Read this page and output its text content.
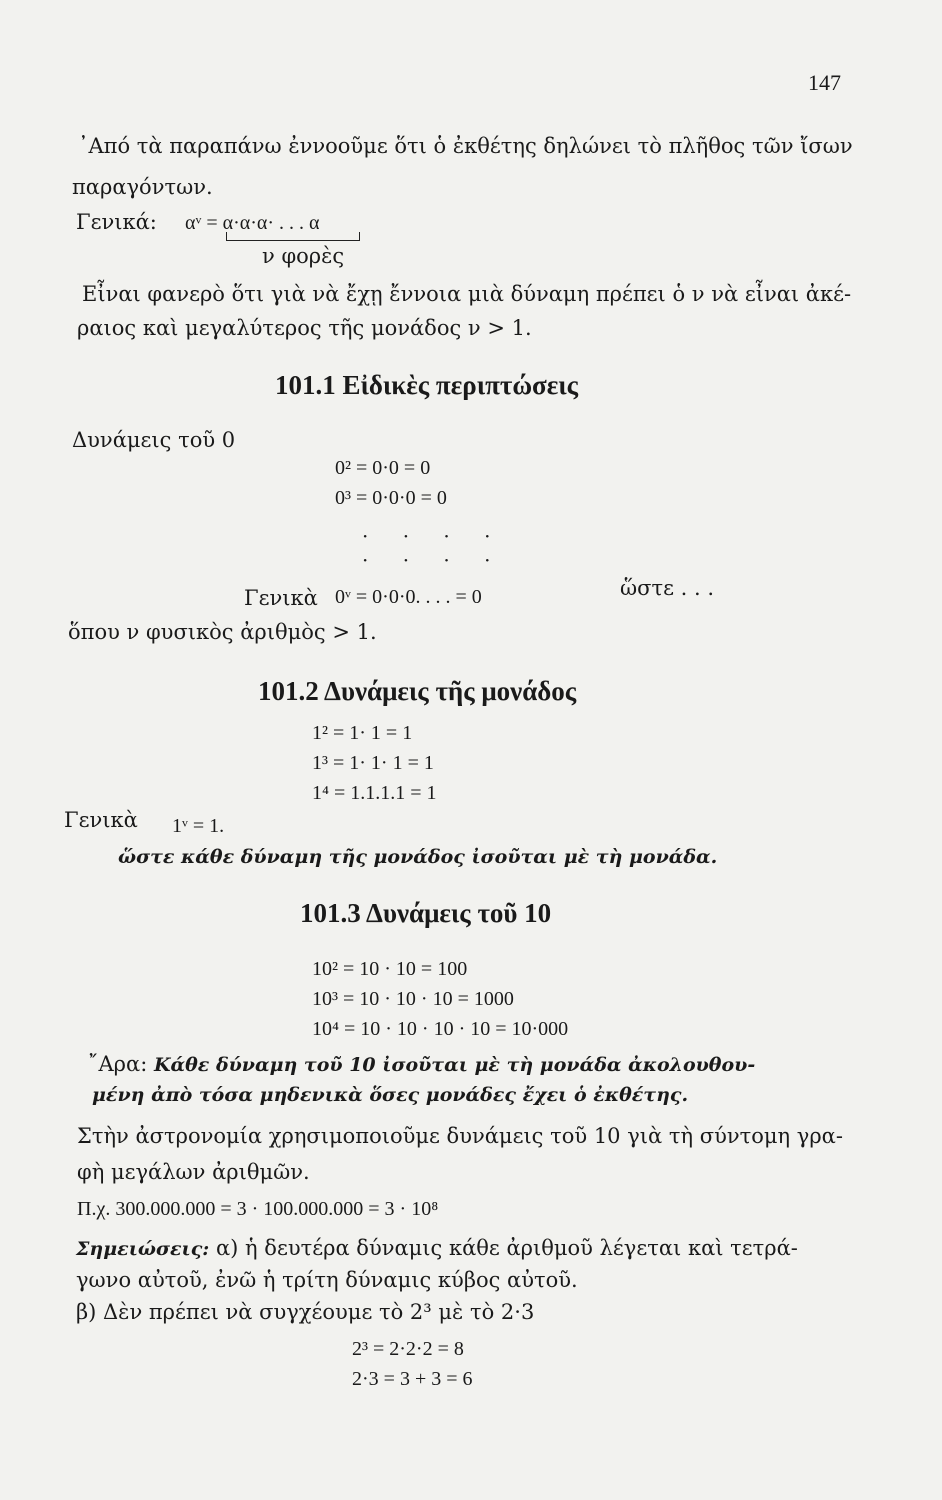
147
᾿Από τὰ παραπάνω ἐννοοῦμε ὅτι ὁ ἐκθέτης δηλώνει τὸ πλῆθος τῶν ἴσων
παραγόντων.
Γενικά: αᵛ = α·α·α· . . . α
ν φορὲς
Εἶναι φανερὸ ὅτι γιὰ νὰ ἔχῃ ἔννοια μιὰ δύναμη πρέπει ὁ ν νὰ εἶναι ἀκέ-
ραιος καὶ μεγαλύτερος τῆς μονάδος ν > 1.
101.1 Εἰδικὲς περιπτώσεις
Δυνάμεις τοῦ 0
0² = 0·0 = 0
0³ = 0·0·0 = 0
· · · ·
· · · ·
Γενικὰ 0ᵛ = 0·0·0. . . . = 0	ὥστε . . .
ὅπου ν φυσικὸς ἀριθμὸς > 1.
101.2 Δυνάμεις τῆς μονάδος
1² = 1· 1 = 1
1³ = 1· 1· 1 = 1
1⁴ = 1.1.1.1 = 1
Γενικὰ 1ᵛ = 1.
ὥστε κάθε δύναμη τῆς μονάδος ἰσοῦται μὲ τὴ μονάδα.
101.3 Δυνάμεις τοῦ 10
10² = 10 · 10 = 100
10³ = 10 · 10 · 10 = 1000
10⁴ = 10 · 10 · 10 · 10 = 10·000
῎Αρα: Κάθε δύναμη τοῦ 10 ἰσοῦται μὲ τὴ μονάδα ἀκολουθου-
μένη ἀπὸ τόσα μηδενικὰ ὅσες μονάδες ἔχει ὁ ἐκθέτης.
Στὴν ἀστρονομία χρησιμοποιοῦμε δυνάμεις τοῦ 10 γιὰ τὴ σύντομη γρα-
φὴ μεγάλων ἀριθμῶν.
Π.χ. 300.000.000 = 3 · 100.000.000 = 3 · 10⁸
Σημειώσεις: α) ἡ δευτέρα δύναμις κάθε ἀριθμοῦ λέγεται καὶ τετρά-
γωνο αὐτοῦ, ἐνῶ ἡ τρίτη δύναμις κύβος αὐτοῦ.
β) Δὲν πρέπει νὰ συγχέουμε τὸ 2³ μὲ τὸ 2·3
2³ = 2·2·2 = 8
2·3 = 3 + 3 = 6
